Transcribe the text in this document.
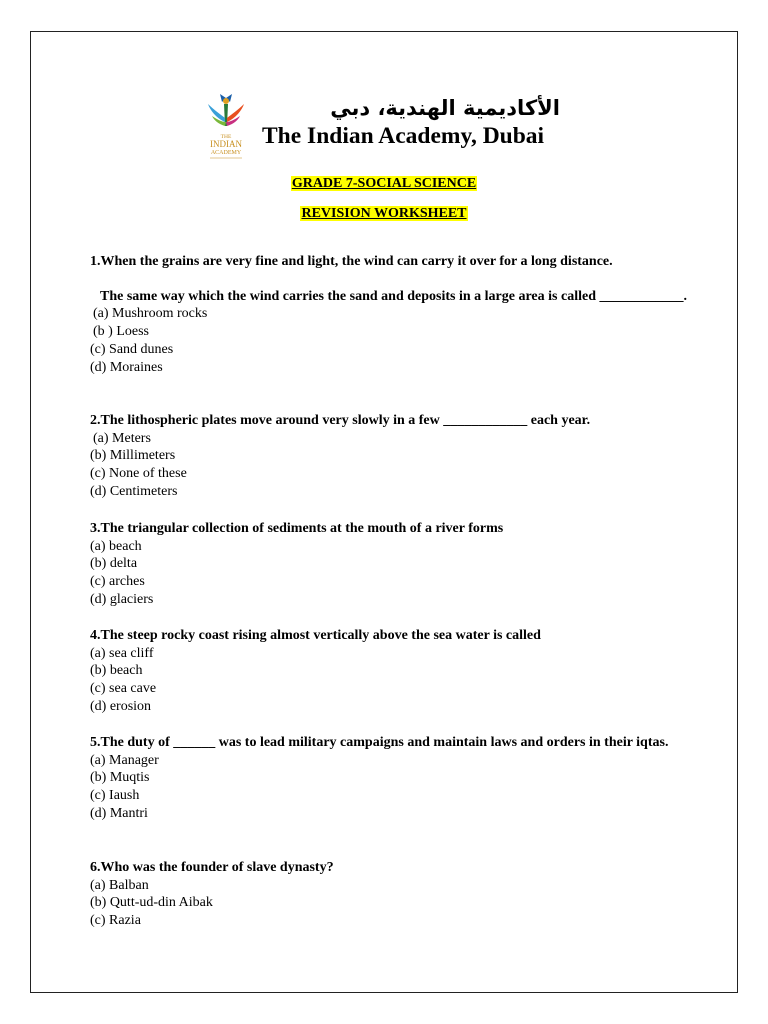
THE
INDIAN
ACADEMY
الأكاديمية الهندية، دبي
The Indian Academy, Dubai
GRADE 7-SOCIAL SCIENCE
REVISION WORKSHEET
1.When the grains are very fine and light, the wind can carry it over for a long distance.
The same way which the wind carries the sand and deposits in a large area is called ____________.
(a) Mushroom rocks
(b ) Loess
(c) Sand dunes
(d) Moraines
2.The lithospheric plates move around very slowly in a few ____________ each year.
(a) Meters
(b) Millimeters
(c) None of these
(d) Centimeters
3.The triangular collection of sediments at the mouth of a river forms
(a) beach
(b) delta
(c) arches
(d) glaciers
4.The steep rocky coast rising almost vertically above the sea water is called
(a) sea cliff
(b) beach
(c) sea cave
(d) erosion
5.The duty of ______ was to lead military campaigns and maintain laws and orders in their iqtas.
(a) Manager
(b) Muqtis
(c) Iaush
(d) Mantri
6.Who was the founder of slave dynasty?
(a) Balban
(b) Qutt-ud-din Aibak
(c) Razia
